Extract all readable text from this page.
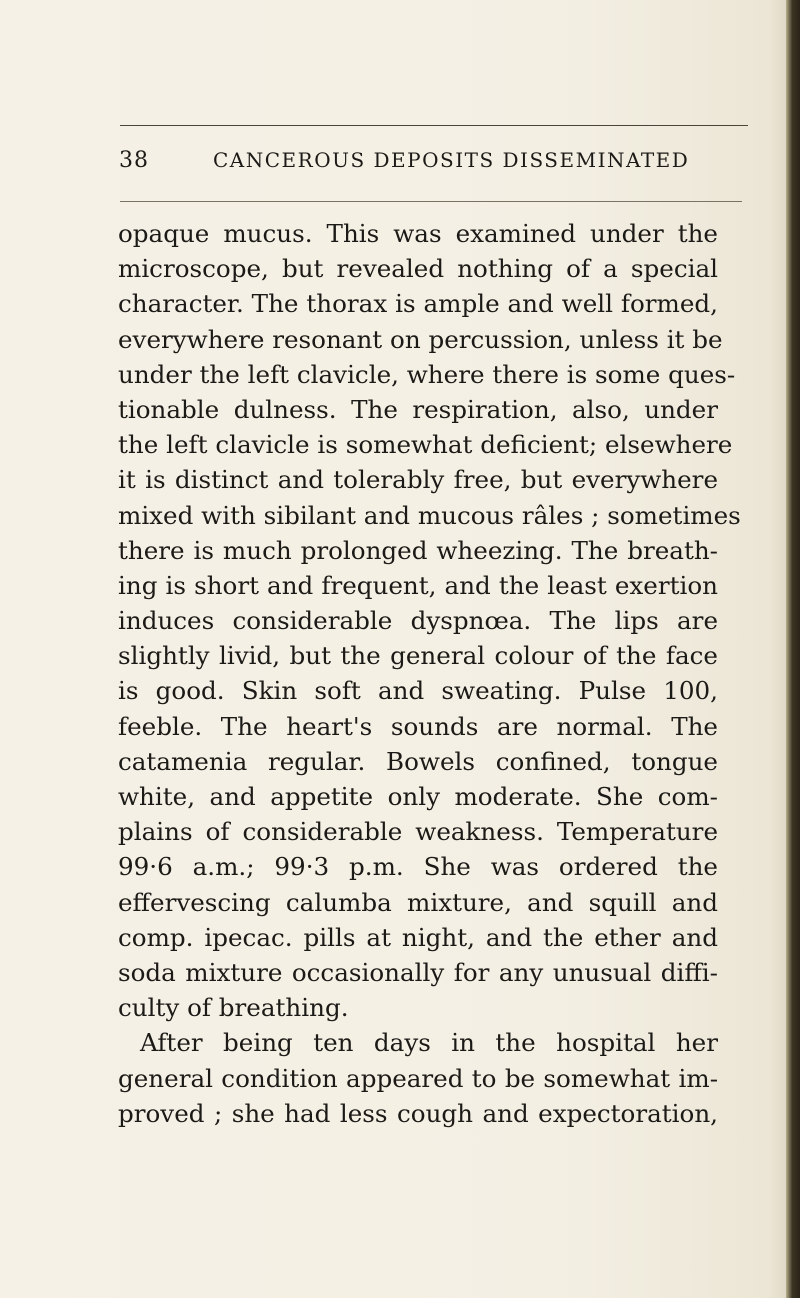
38	CANCEROUS DEPOSITS DISSEMINATED
opaque mucus. This was examined under the
microscope, but revealed nothing of a special
character. The thorax is ample and well formed,
everywhere resonant on percussion, unless it be
under the left clavicle, where there is some ques-
tionable dulness. The respiration, also, under
the left clavicle is somewhat deficient; elsewhere
it is distinct and tolerably free, but everywhere
mixed with sibilant and mucous râles ; sometimes
there is much prolonged wheezing. The breath-
ing is short and frequent, and the least exertion
induces considerable dyspnœa. The lips are
slightly livid, but the general colour of the face
is good. Skin soft and sweating. Pulse 100,
feeble. The heart's sounds are normal. The
catamenia regular. Bowels confined, tongue
white, and appetite only moderate. She com-
plains of considerable weakness. Temperature
99·6 a.m.; 99·3 p.m. She was ordered the
effervescing calumba mixture, and squill and
comp. ipecac. pills at night, and the ether and
soda mixture occasionally for any unusual diffi-
culty of breathing.
After being ten days in the hospital her
general condition appeared to be somewhat im-
proved ; she had less cough and expectoration,
